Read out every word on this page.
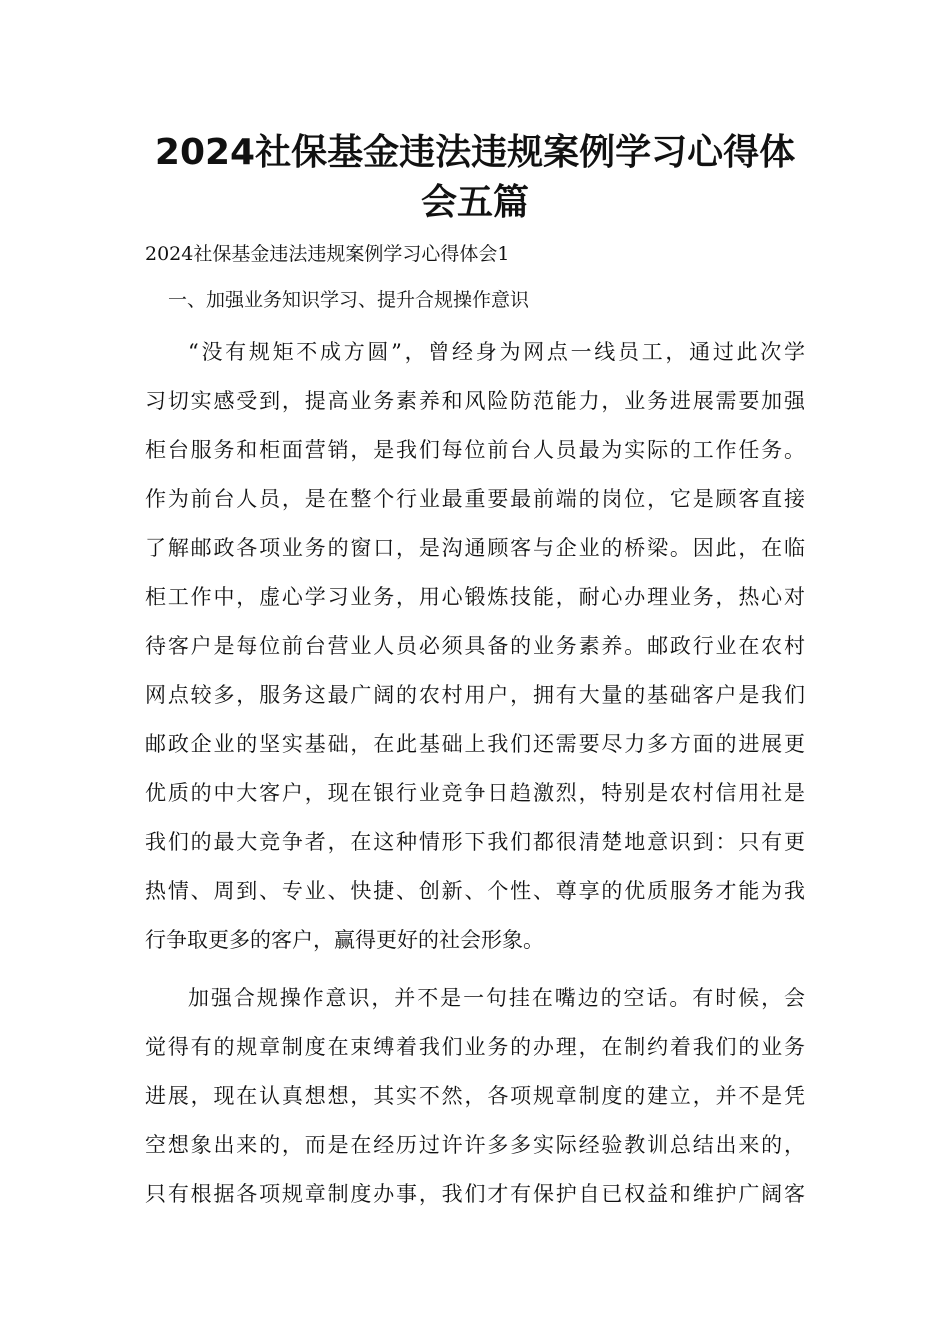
2024社保基金违法违规案例学习心得体
会五篇

2024社保基金违法违规案例学习心得体会1

一、加强业务知识学习、提升合规操作意识

“没有规矩不成方圆”，曾经身为网点一线员工，通过此次学

习切实感受到，提高业务素养和风险防范能力，业务进展需要加强

柜台服务和柜面营销，是我们每位前台人员最为实际的工作任务。

作为前台人员，是在整个行业最重要最前端的岗位，它是顾客直接

了解邮政各项业务的窗口，是沟通顾客与企业的桥梁。因此，在临

柜工作中，虚心学习业务，用心锻炼技能，耐心办理业务，热心对

待客户是每位前台营业人员必须具备的业务素养。邮政行业在农村

网点较多，服务这最广阔的农村用户，拥有大量的基础客户是我们

邮政企业的坚实基础，在此基础上我们还需要尽力多方面的进展更

优质的中大客户，现在银行业竞争日趋激烈，特别是农村信用社是

我们的最大竞争者，在这种情形下我们都很清楚地意识到：只有更

热情、周到、专业、快捷、创新、个性、尊享的优质服务才能为我

行争取更多的客户，赢得更好的社会形象。

加强合规操作意识，并不是一句挂在嘴边的空话。有时候，会

觉得有的规章制度在束缚着我们业务的办理，在制约着我们的业务

进展，现在认真想想，其实不然，各项规章制度的建立，并不是凭

空想象出来的，而是在经历过许许多多实际经验教训总结出来的，

只有根据各项规章制度办事，我们才有保护自已权益和维护广阔客
